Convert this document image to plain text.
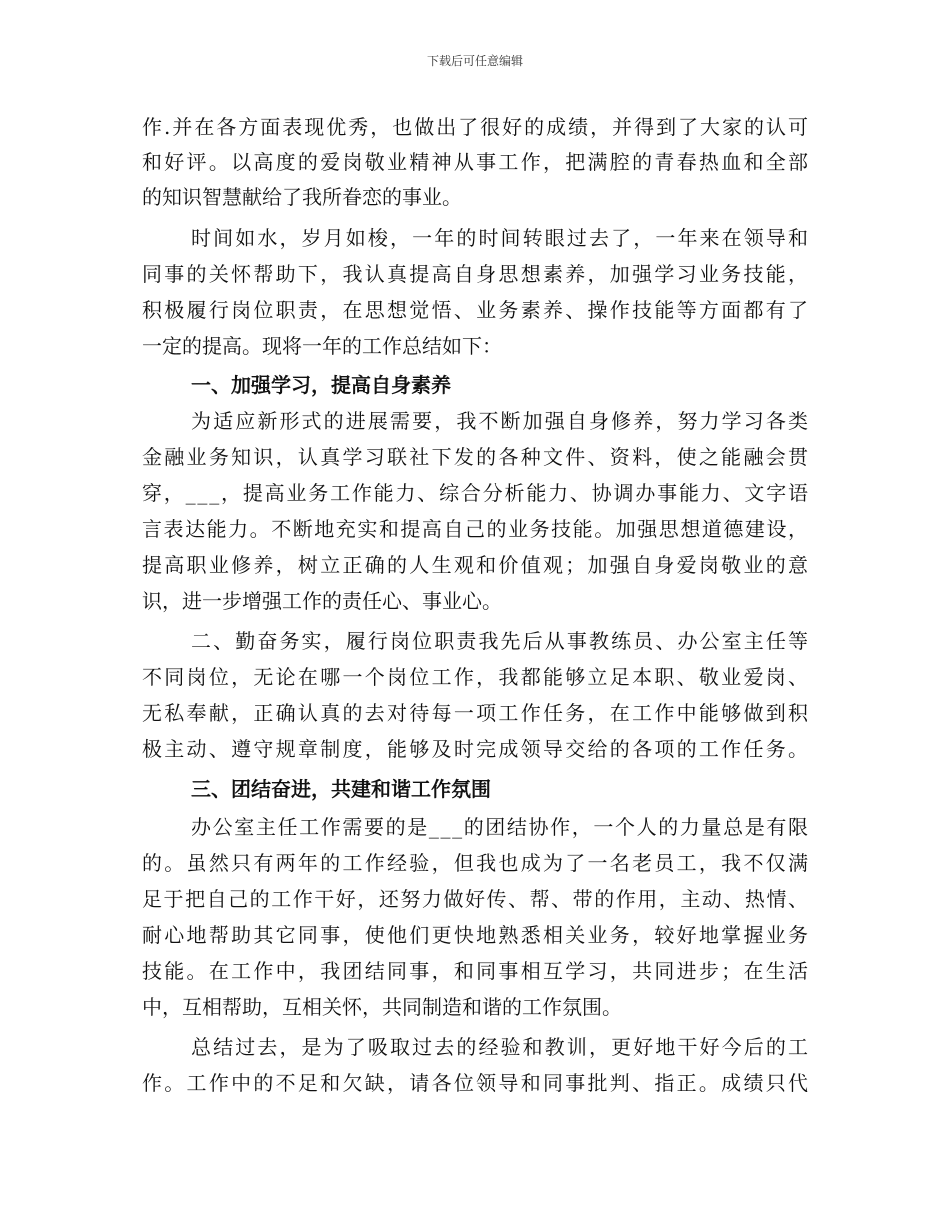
下载后可任意编辑
作.并在各方面表现优秀，也做出了很好的成绩，并得到了大家的认可
和好评。以高度的爱岗敬业精神从事工作，把满腔的青春热血和全部
的知识智慧献给了我所眷恋的事业。
时间如水，岁月如梭，一年的时间转眼过去了，一年来在领导和
同事的关怀帮助下，我认真提高自身思想素养，加强学习业务技能，
积极履行岗位职责，在思想觉悟、业务素养、操作技能等方面都有了
一定的提高。现将一年的工作总结如下：
一、加强学习，提高自身素养
为适应新形式的进展需要，我不断加强自身修养，努力学习各类
金融业务知识，认真学习联社下发的各种文件、资料，使之能融会贯
穿，___，提高业务工作能力、综合分析能力、协调办事能力、文字语
言表达能力。不断地充实和提高自己的业务技能。加强思想道德建设，
提高职业修养，树立正确的人生观和价值观；加强自身爱岗敬业的意
识，进一步增强工作的责任心、事业心。
二、勤奋务实，履行岗位职责我先后从事教练员、办公室主任等
不同岗位，无论在哪一个岗位工作，我都能够立足本职、敬业爱岗、
无私奉献，正确认真的去对待每一项工作任务，在工作中能够做到积
极主动、遵守规章制度，能够及时完成领导交给的各项的工作任务。
三、团结奋进，共建和谐工作氛围
办公室主任工作需要的是___的团结协作，一个人的力量总是有限
的。虽然只有两年的工作经验，但我也成为了一名老员工，我不仅满
足于把自己的工作干好，还努力做好传、帮、带的作用，主动、热情、
耐心地帮助其它同事，使他们更快地熟悉相关业务，较好地掌握业务
技能。在工作中，我团结同事，和同事相互学习，共同进步；在生活
中，互相帮助，互相关怀，共同制造和谐的工作氛围。
总结过去，是为了吸取过去的经验和教训，更好地干好今后的工
作。工作中的不足和欠缺，请各位领导和同事批判、指正。成绩只代
